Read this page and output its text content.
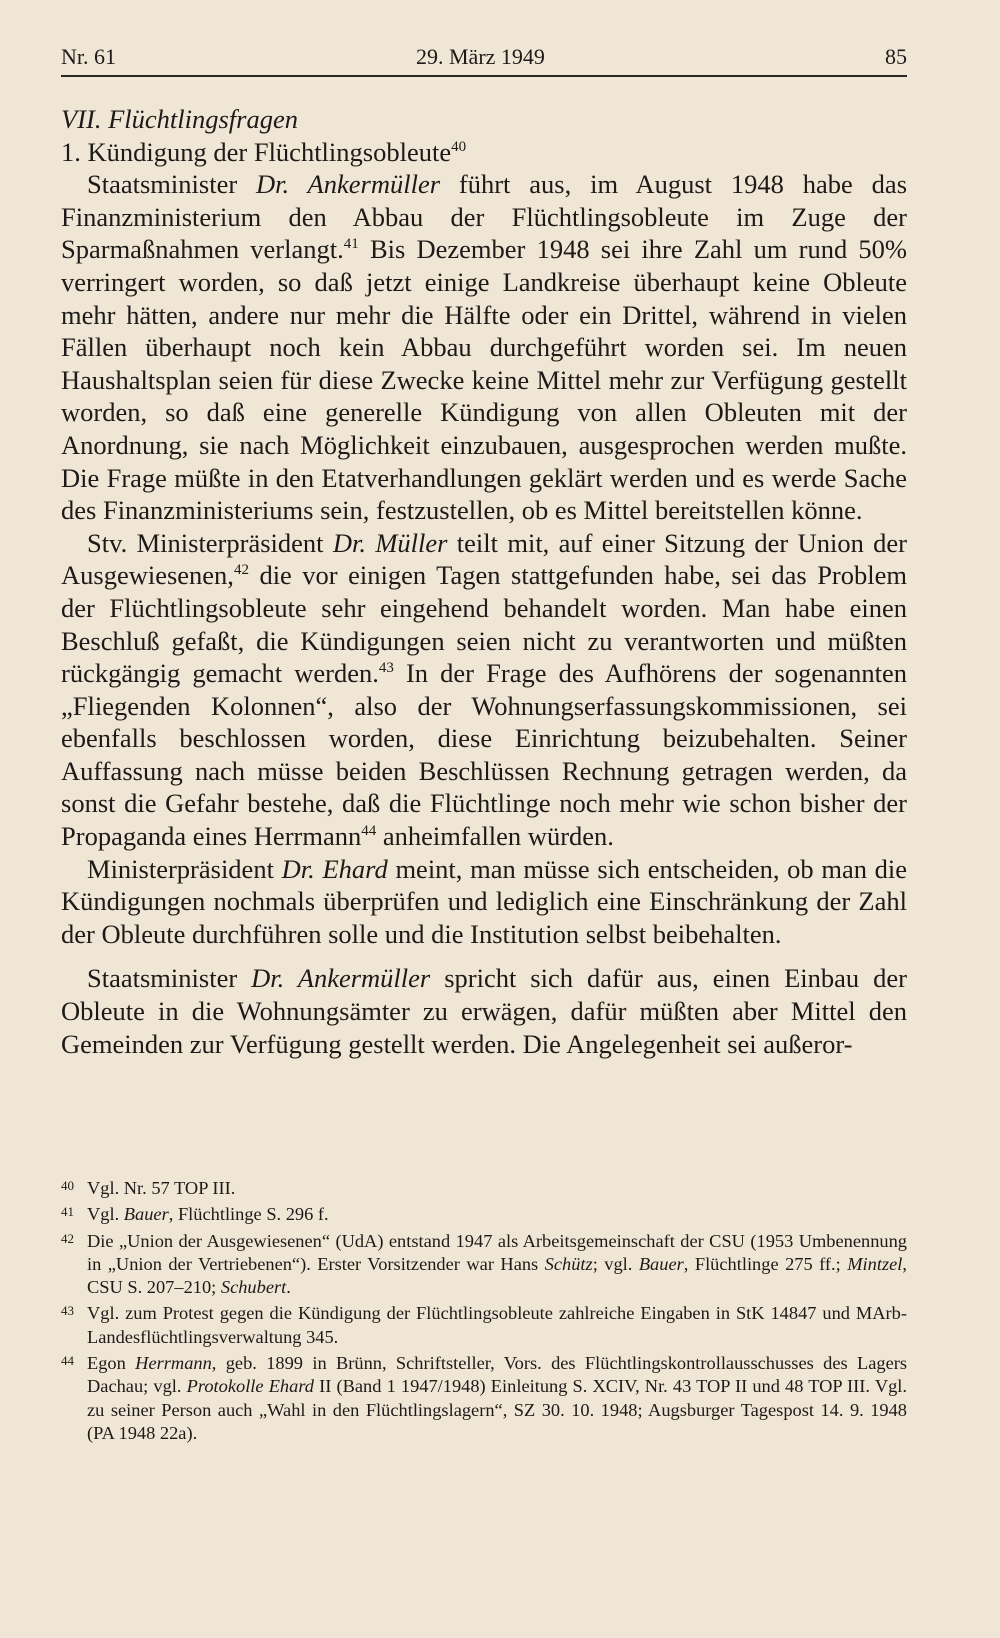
Nr. 61	29. März 1949	85

VII. Flüchtlingsfragen

1. Kündigung der Flüchtlingsobleute$^{40}$

Staatsminister Dr. Ankermüller führt aus, im August 1948 habe das Finanzministerium den Abbau der Flüchtlingsobleute im Zuge der Sparmaßnahmen verlangt.$^{41}$ Bis Dezember 1948 sei ihre Zahl um rund 50% verringert worden, so daß jetzt einige Landkreise überhaupt keine Obleute mehr hätten, andere nur mehr die Hälfte oder ein Drittel, während in vielen Fällen überhaupt noch kein Abbau durchgeführt worden sei. Im neuen Haushaltsplan seien für diese Zwecke keine Mittel mehr zur Verfügung gestellt worden, so daß eine generelle Kündigung von allen Obleuten mit der Anordnung, sie nach Möglichkeit einzubauen, ausgesprochen werden mußte. Die Frage müßte in den Etatverhandlungen geklärt werden und es werde Sache des Finanzministeriums sein, festzustellen, ob es Mittel bereitstellen könne.

Stv. Ministerpräsident Dr. Müller teilt mit, auf einer Sitzung der Union der Ausgewiesenen,$^{42}$ die vor einigen Tagen stattgefunden habe, sei das Problem der Flüchtlingsobleute sehr eingehend behandelt worden. Man habe einen Beschluß gefaßt, die Kündigungen seien nicht zu verantworten und müßten rückgängig gemacht werden.$^{43}$ In der Frage des Aufhörens der sogenannten „Fliegenden Kolonnen“, also der Wohnungserfassungskommissionen, sei ebenfalls beschlossen worden, diese Einrichtung beizubehalten. Seiner Auffassung nach müsse beiden Beschlüssen Rechnung getragen werden, da sonst die Gefahr bestehe, daß die Flüchtlinge noch mehr wie schon bisher der Propaganda eines Herrmann$^{44}$ anheimfallen würden.

Ministerpräsident Dr. Ehard meint, man müsse sich entscheiden, ob man die Kündigungen nochmals überprüfen und lediglich eine Einschränkung der Zahl der Obleute durchführen solle und die Institution selbst beibehalten.

Staatsminister Dr. Ankermüller spricht sich dafür aus, einen Einbau der Obleute in die Wohnungsämter zu erwägen, dafür müßten aber Mittel den Gemeinden zur Verfügung gestellt werden. Die Angelegenheit sei außeror-

40 Vgl. Nr. 57 TOP III.
41 Vgl. Bauer, Flüchtlinge S. 296 f.
42 Die „Union der Ausgewiesenen“ (UdA) entstand 1947 als Arbeitsgemeinschaft der CSU (1953 Umbenennung in „Union der Vertriebenen“). Erster Vorsitzender war Hans Schütz; vgl. Bauer, Flüchtlinge 275 ff.; Mintzel, CSU S. 207–210; Schubert.
43 Vgl. zum Protest gegen die Kündigung der Flüchtlingsobleute zahlreiche Eingaben in StK 14847 und MArb-Landesflüchtlingsverwaltung 345.
44 Egon Herrmann, geb. 1899 in Brünn, Schriftsteller, Vors. des Flüchtlingskontrollausschusses des Lagers Dachau; vgl. Protokolle Ehard II (Band 1 1947/1948) Einleitung S. XCIV, Nr. 43 TOP II und 48 TOP III. Vgl. zu seiner Person auch „Wahl in den Flüchtlingslagern“, SZ 30. 10. 1948; Augsburger Tagespost 14. 9. 1948 (PA 1948 22a).
